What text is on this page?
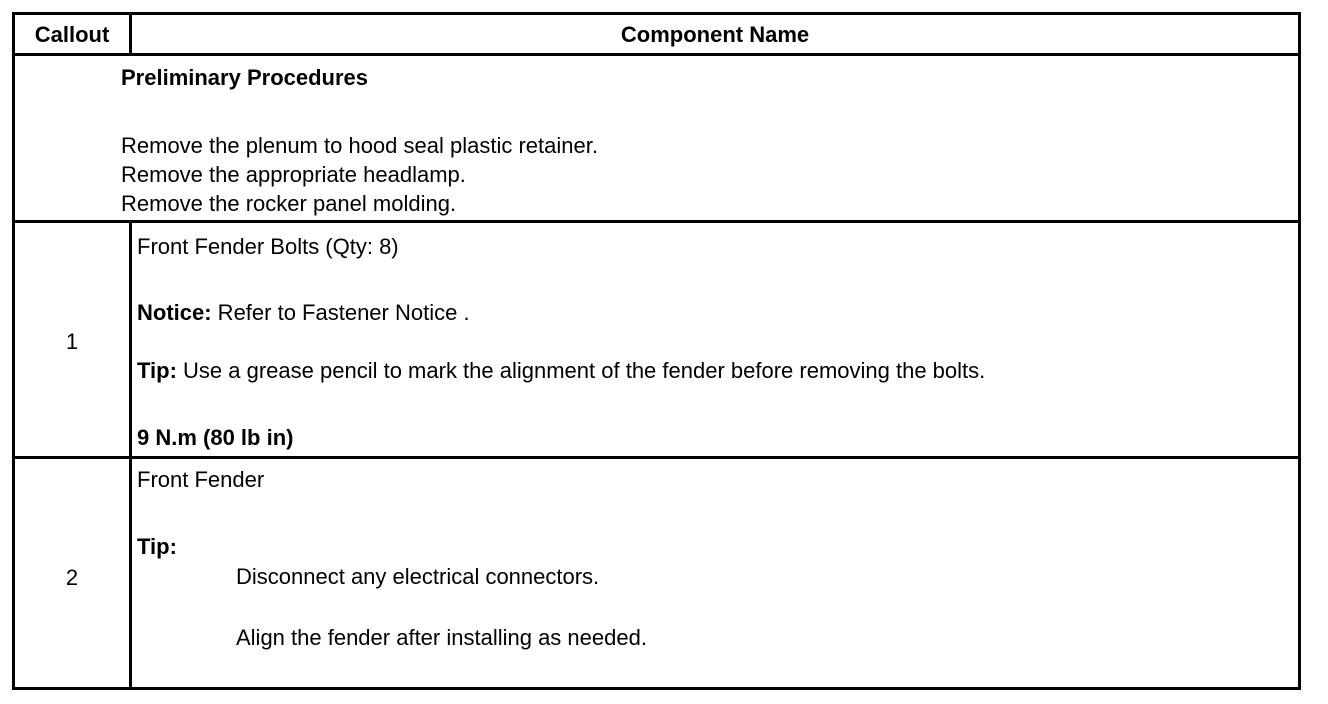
Callout	Component Name
Preliminary Procedures
Remove the plenum to hood seal plastic retainer.
Remove the appropriate headlamp.
Remove the rocker panel molding.
1
Front Fender Bolts (Qty: 8)
Notice: Refer to Fastener Notice .
Tip: Use a grease pencil to mark the alignment of the fender before removing the bolts.
9 N.m (80 lb in)
2
Front Fender
Tip:
Disconnect any electrical connectors.
Align the fender after installing as needed.
